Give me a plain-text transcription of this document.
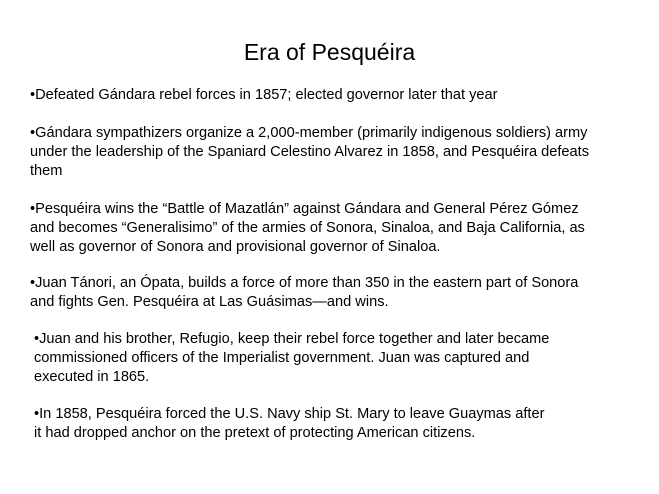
Era of Pesquéira
•Defeated Gándara rebel forces in 1857; elected governor later that year
•Gándara sympathizers organize a 2,000-member (primarily indigenous soldiers) army
under the leadership of the Spaniard Celestino Alvarez in 1858, and Pesquéira defeats
them
•Pesquéira wins the “Battle of Mazatlán” against Gándara and General Pérez Gómez
and becomes “Generalisimo” of the armies of Sonora, Sinaloa, and Baja California, as
well as governor of Sonora and provisional governor of Sinaloa.
•Juan Tánori, an Ópata, builds a force of more than 350 in the eastern part of Sonora
and fights Gen. Pesquéira at Las Guásimas—and wins.
•Juan and his brother, Refugio, keep their rebel force together and later became
commissioned officers of the Imperialist government. Juan was captured and
executed in 1865.
•In 1858, Pesquéira forced the U.S. Navy ship St. Mary to leave Guaymas after
it had dropped anchor on the pretext of protecting American citizens.
